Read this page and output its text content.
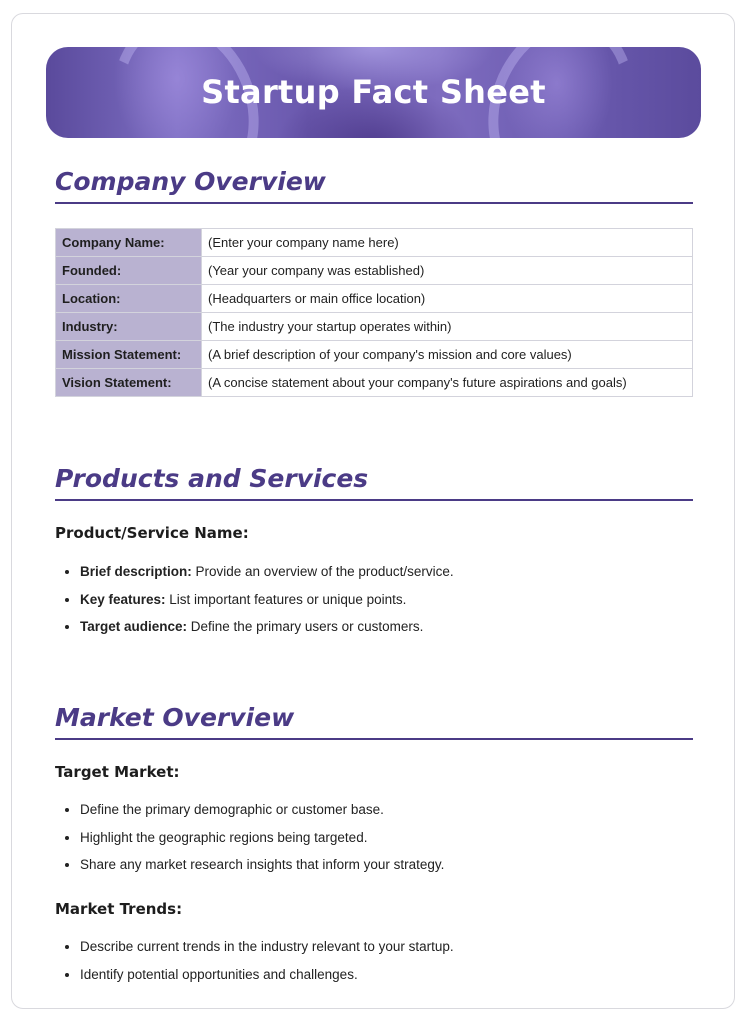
Startup Fact Sheet
Company Overview
Company Name:	(Enter your company name here)
Founded:	(Year your company was established)
Location:	(Headquarters or main office location)
Industry:	(The industry your startup operates within)
Mission Statement:	(A brief description of your company's mission and core values)
Vision Statement:	(A concise statement about your company's future aspirations and goals)
Products and Services
Product/Service Name:
• Brief description: Provide an overview of the product/service.
• Key features: List important features or unique points.
• Target audience: Define the primary users or customers.
Market Overview
Target Market:
• Define the primary demographic or customer base.
• Highlight the geographic regions being targeted.
• Share any market research insights that inform your strategy.
Market Trends:
• Describe current trends in the industry relevant to your startup.
• Identify potential opportunities and challenges.
